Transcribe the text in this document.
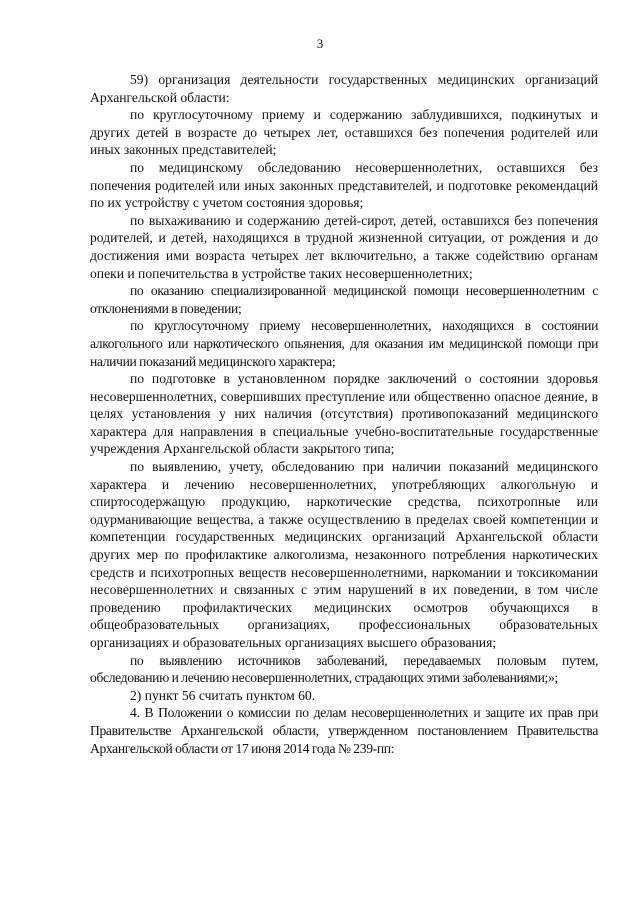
3

59) организация деятельности государственных медицинских организаций Архангельской области:

по круглосуточному приему и содержанию заблудившихся, подкинутых и других детей в возрасте до четырех лет, оставшихся без попечения родителей или иных законных представителей;

по медицинскому обследованию несовершеннолетних, оставшихся без попечения родителей или иных законных представителей, и подготовке рекомендаций по их устройству с учетом состояния здоровья;

по выхаживанию и содержанию детей-сирот, детей, оставшихся без попечения родителей, и детей, находящихся в трудной жизненной ситуации, от рождения и до достижения ими возраста четырех лет включительно, а также содействию органам опеки и попечительства в устройстве таких несовершеннолетних;

по оказанию специализированной медицинской помощи несовершеннолетним с отклонениями в поведении;

по круглосуточному приему несовершеннолетних, находящихся в состоянии алкогольного или наркотического опьянения, для оказания им медицинской помощи при наличии показаний медицинского характера;

по подготовке в установленном порядке заключений о состоянии здоровья несовершеннолетних, совершивших преступление или общественно опасное деяние, в целях установления у них наличия (отсутствия) противопоказаний медицинского характера для направления в специальные учебно-воспитательные государственные учреждения Архангельской области закрытого типа;

по выявлению, учету, обследованию при наличии показаний медицинского характера и лечению несовершеннолетних, употребляющих алкогольную и спиртосодержащую продукцию, наркотические средства, психотропные или одурманивающие вещества, а также осуществлению в пределах своей компетенции и компетенции государственных медицинских организаций Архангельской области других мер по профилактике алкоголизма, незаконного потребления наркотических средств и психотропных веществ несовершеннолетними, наркомании и токсикомании несовершеннолетних и связанных с этим нарушений в их поведении, в том числе проведению профилактических медицинских осмотров обучающихся в общеобразовательных организациях, профессиональных образовательных организациях и образовательных организациях высшего образования;

по выявлению источников заболеваний, передаваемых половым путем, обследованию и лечению несовершеннолетних, страдающих этими заболеваниями;»;

2) пункт 56 считать пунктом 60.

4. В Положении о комиссии по делам несовершеннолетних и защите их прав при Правительстве Архангельской области, утвержденном постановлением Правительства Архангельской области от 17 июня 2014 года № 239-пп:
